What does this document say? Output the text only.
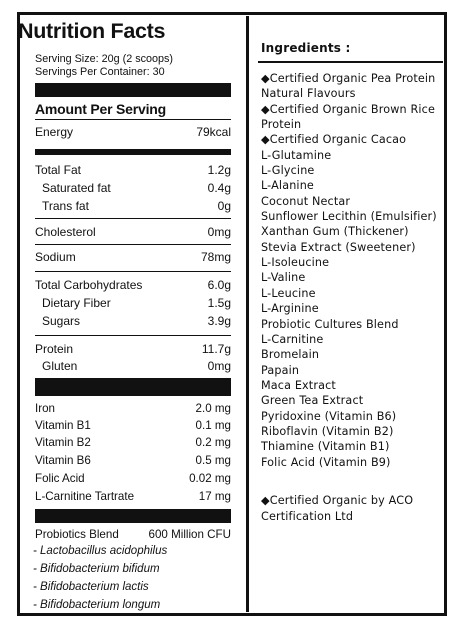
Nutrition Facts
Serving Size: 20g (2 scoops)
Servings Per Container: 30
Amount Per Serving
Energy	79kcal
Total Fat	1.2g
Saturated fat	0.4g
Trans fat	0g
Cholesterol	0mg
Sodium	78mg
Total Carbohydrates	6.0g
Dietary Fiber	1.5g
Sugars	3.9g
Protein	11.7g
Gluten	0mg
Iron	2.0 mg
Vitamin B1	0.1 mg
Vitamin B2	0.2 mg
Vitamin B6	0.5 mg
Folic Acid	0.02 mg
L-Carnitine Tartrate	17 mg
Probiotics Blend	600 Million CFU
- Lactobacillus acidophilus
- Bifidobacterium bifidum
- Bifidobacterium lactis
- Bifidobacterium longum
Ingredients :
◆Certified Organic Pea Protein
Natural Flavours
◆Certified Organic Brown Rice
Protein
◆Certified Organic Cacao
L-Glutamine
L-Glycine
L-Alanine
Coconut Nectar
Sunflower Lecithin (Emulsifier)
Xanthan Gum (Thickener)
Stevia Extract (Sweetener)
L-Isoleucine
L-Valine
L-Leucine
L-Arginine
Probiotic Cultures Blend
L-Carnitine
Bromelain
Papain
Maca Extract
Green Tea Extract
Pyridoxine (Vitamin B6)
Riboflavin (Vitamin B2)
Thiamine (Vitamin B1)
Folic Acid (Vitamin B9)
◆Certified Organic by ACO
Certification Ltd
